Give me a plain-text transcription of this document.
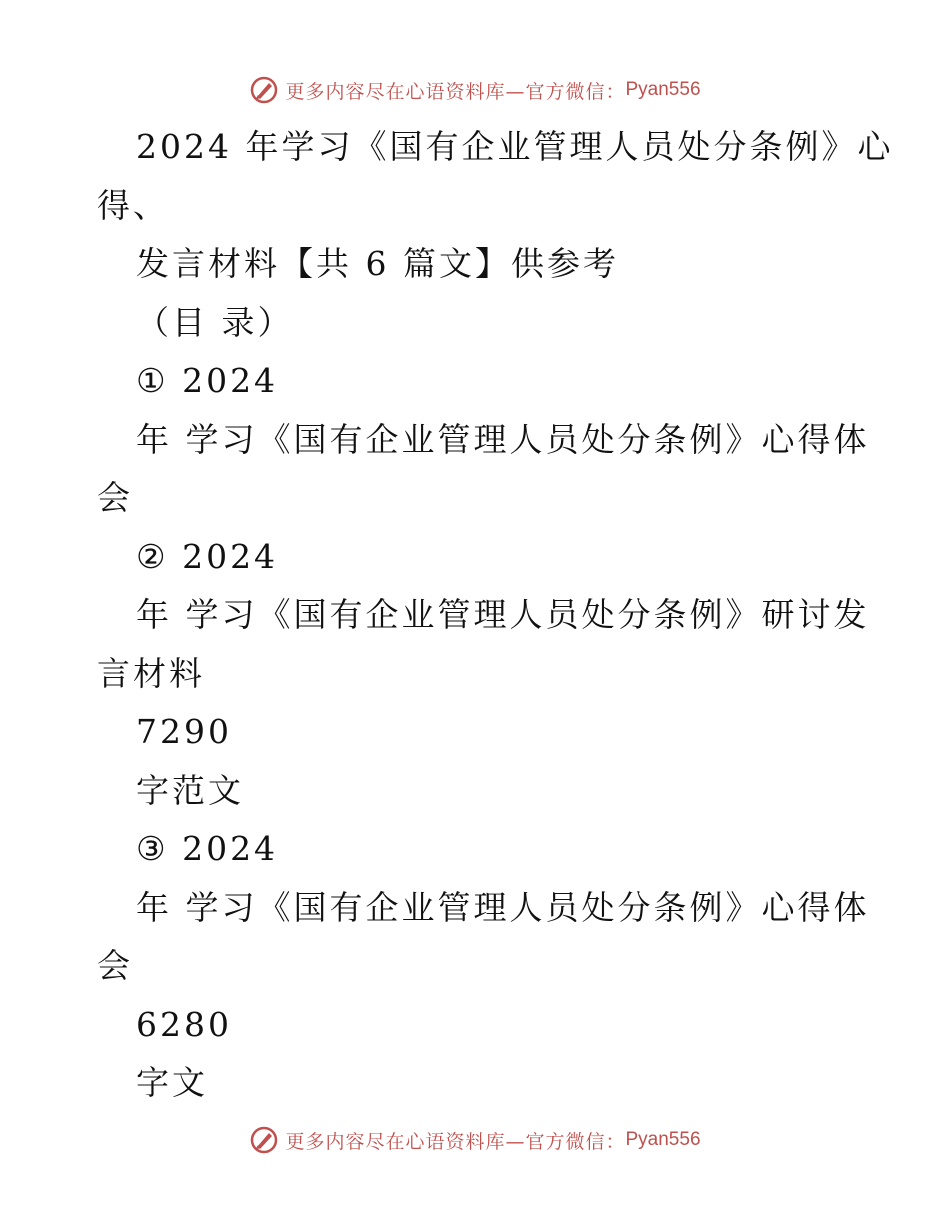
更多内容尽在心语资料库—官方微信： Pyan556
2024 年学习《国有企业管理人员处分条例》心
得、
发言材料【共 6 篇文】供参考
（目 录）
① 2024
年 学习《国有企业管理人员处分条例》心得体
会
② 2024
年 学习《国有企业管理人员处分条例》研讨发
言材料
7290
字范文
③ 2024
年 学习《国有企业管理人员处分条例》心得体
会
6280
字文
更多内容尽在心语资料库—官方微信： Pyan556
